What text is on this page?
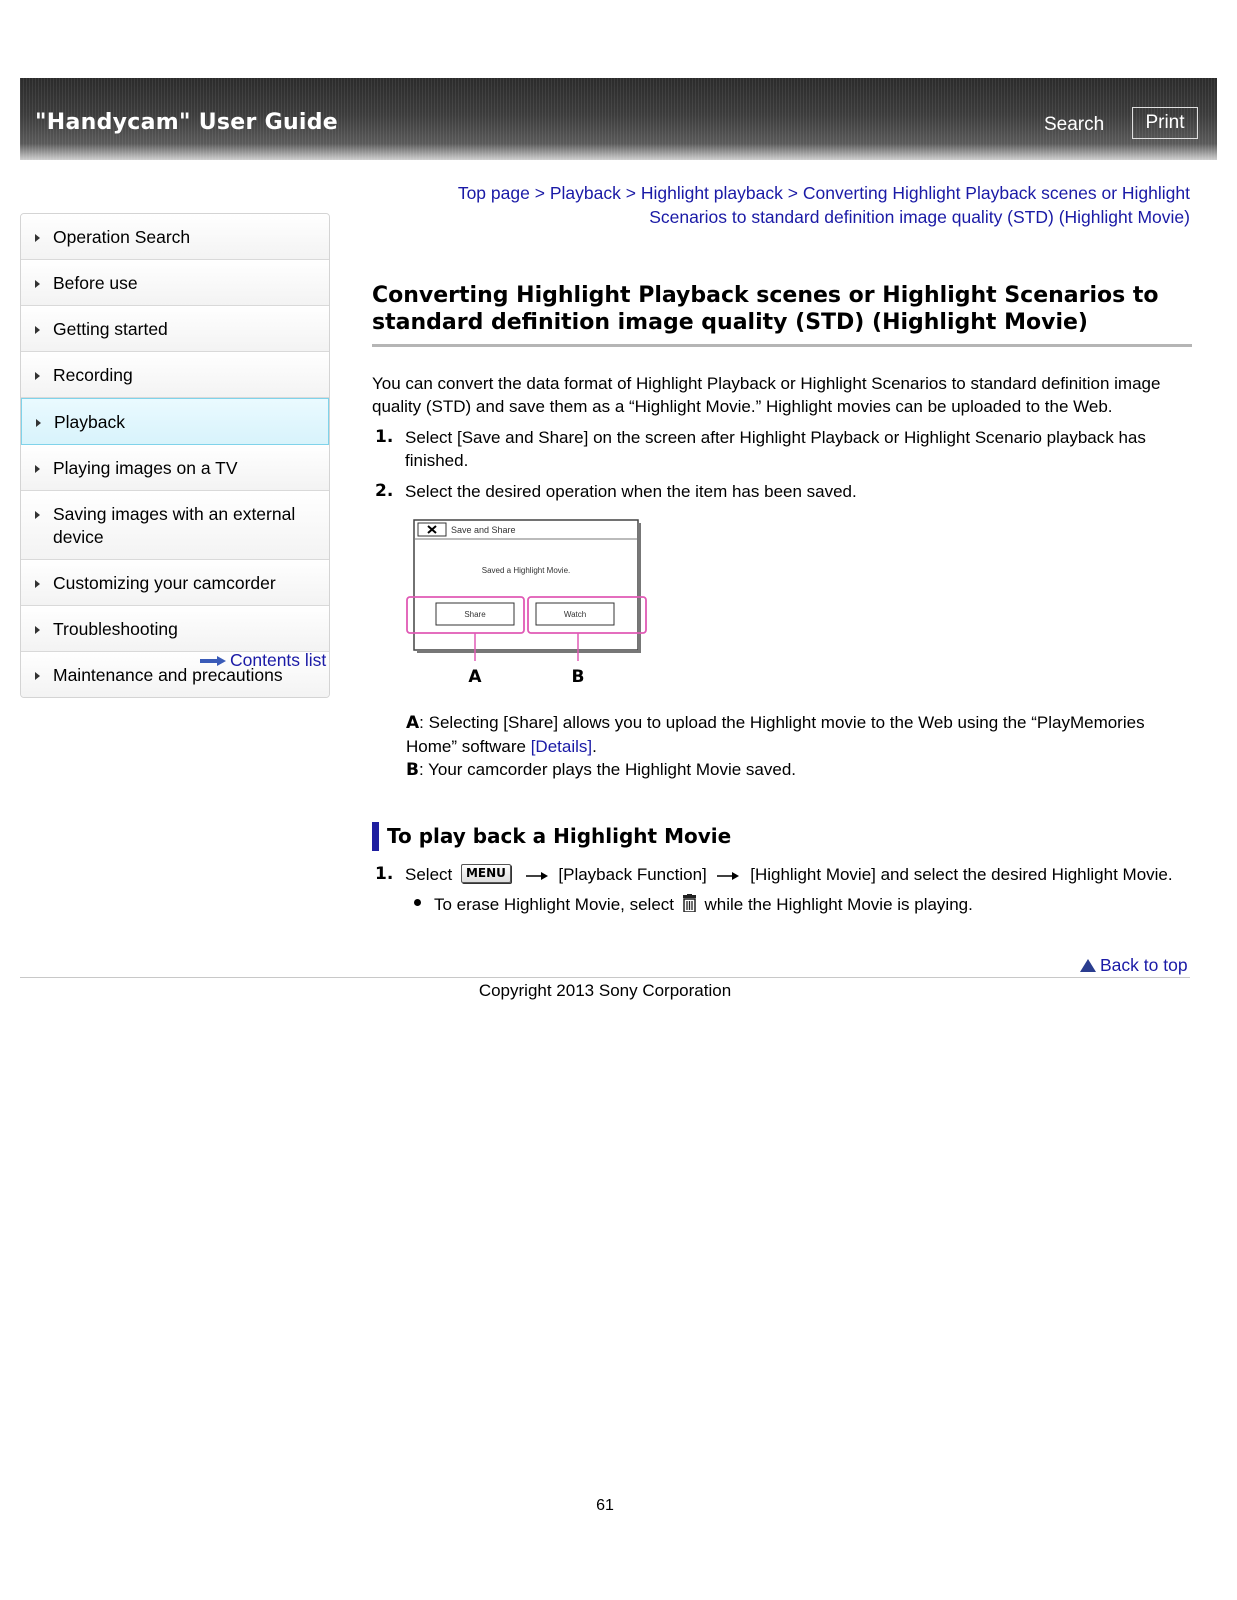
"Handycam" User Guide	Search	Print
Top page > Playback > Highlight playback > Converting Highlight Playback scenes or Highlight Scenarios to standard definition image quality (STD) (Highlight Movie)
Operation Search
Before use
Getting started
Recording
Playback
Playing images on a TV
Saving images with an external device
Customizing your camcorder
Troubleshooting
Maintenance and precautions
Contents list
Converting Highlight Playback scenes or Highlight Scenarios to standard definition image quality (STD) (Highlight Movie)
You can convert the data format of Highlight Playback or Highlight Scenarios to standard definition image quality (STD) and save them as a “Highlight Movie.” Highlight movies can be uploaded to the Web.
1. Select [Save and Share] on the screen after Highlight Playback or Highlight Scenario playback has finished.
2. Select the desired operation when the item has been saved.
Save and Share
Saved a Highlight Movie.
Share	Watch
A	B
A: Selecting [Share] allows you to upload the Highlight movie to the Web using the “PlayMemories Home” software [Details].
B: Your camcorder plays the Highlight Movie saved.
To play back a Highlight Movie
1. Select MENU	[Playback Function]	[Highlight Movie] and select the desired Highlight Movie.
To erase Highlight Movie, select while the Highlight Movie is playing.
Back to top
Copyright 2013 Sony Corporation
61
